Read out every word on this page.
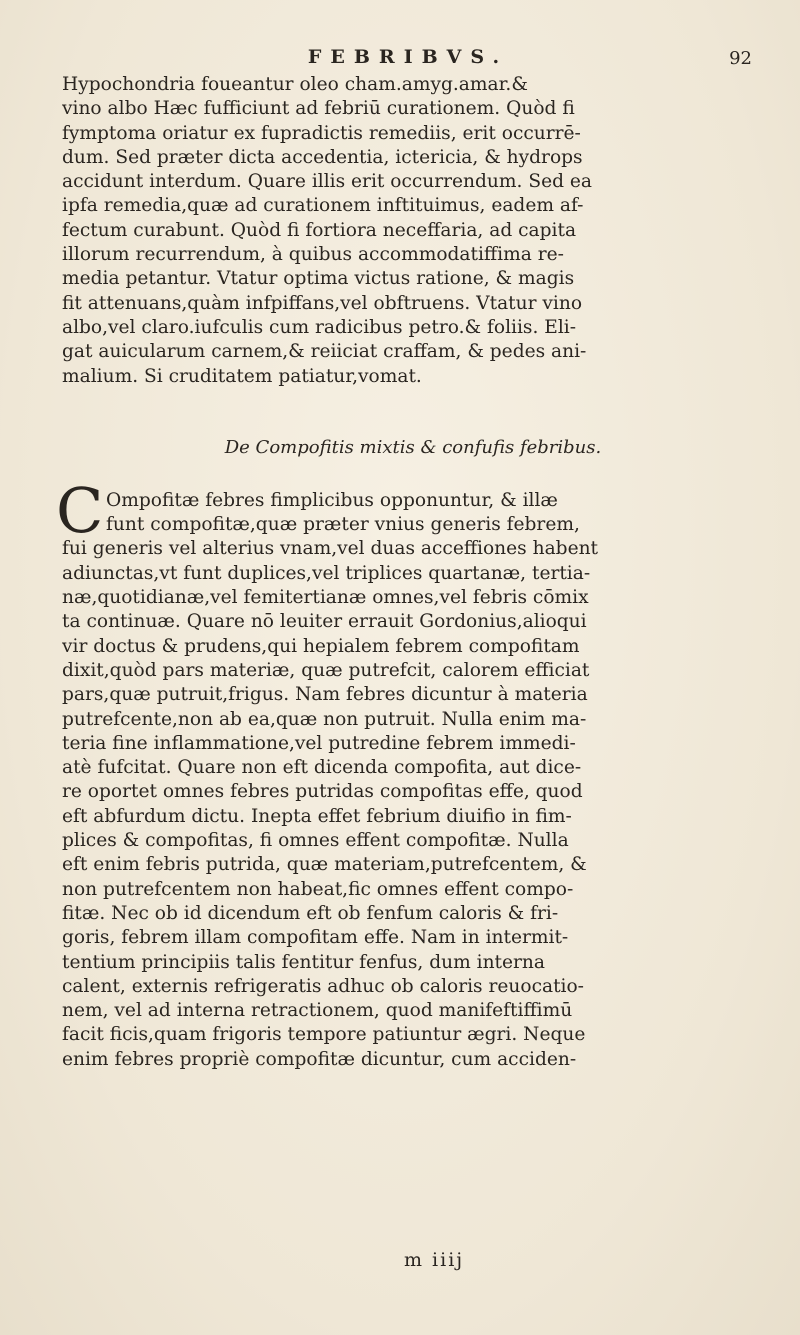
FEBRIBVS.	92
Hypochondria foueantur oleo cham.amyg.amar.&
vino albo Hæc fufficiunt ad febriū curationem. Quòd fi
fymptoma oriatur ex fupradictis remediis, erit occurrē-
dum. Sed præter dicta accedentia, ictericia, & hydrops
accidunt interdum. Quare illis erit occurrendum. Sed ea
ipfa remedia,quæ ad curationem inftituimus, eadem af-
fectum curabunt. Quòd fi fortiora neceffaria, ad capita
illorum recurrendum, à quibus accommodatiffima re-
media petantur. Vtatur optima victus ratione, & magis
fit attenuans,quàm infpiffans,vel obftruens. Vtatur vino
albo,vel claro.iufculis cum radicibus petro.& foliis. Eli-
gat auicularum carnem,& reiiciat craffam, & pedes ani-
malium. Si cruditatem patiatur,vomat.
De Compofitis mixtis & confufis febribus.
C Ompofitæ febres fimplicibus opponuntur, & illæ
funt compofitæ,quæ præter vnius generis febrem,
fui generis vel alterius vnam,vel duas acceffiones habent
adiunctas,vt funt duplices,vel triplices quartanæ, tertia-
næ,quotidianæ,vel femitertianæ omnes,vel febris cōmix
ta continuæ. Quare nō leuiter errauit Gordonius,alioqui
vir doctus & prudens,qui hepialem febrem compofitam
dixit,quòd pars materiæ, quæ putrefcit, calorem efficiat
pars,quæ putruit,frigus. Nam febres dicuntur à materia
putrefcente,non ab ea,quæ non putruit. Nulla enim ma-
teria fine inflammatione,vel putredine febrem immedi-
atè fufcitat. Quare non eft dicenda compofita, aut dice-
re oportet omnes febres putridas compofitas effe, quod
eft abfurdum dictu. Inepta effet febrium diuifio in fim-
plices & compofitas, fi omnes effent compofitæ. Nulla
eft enim febris putrida, quæ materiam,putrefcentem, &
non putrefcentem non habeat,fic omnes effent compo-
fitæ. Nec ob id dicendum eft ob fenfum caloris & fri-
goris, febrem illam compofitam effe. Nam in intermit-
tentium principiis talis fentitur fenfus, dum interna
calent, externis refrigeratis adhuc ob caloris reuocatio-
nem, vel ad interna retractionem, quod manifeftiffimū
facit ficis,quam frigoris tempore patiuntur ægri. Neque
enim febres propriè compofitæ dicuntur, cum acciden-
m iiij
